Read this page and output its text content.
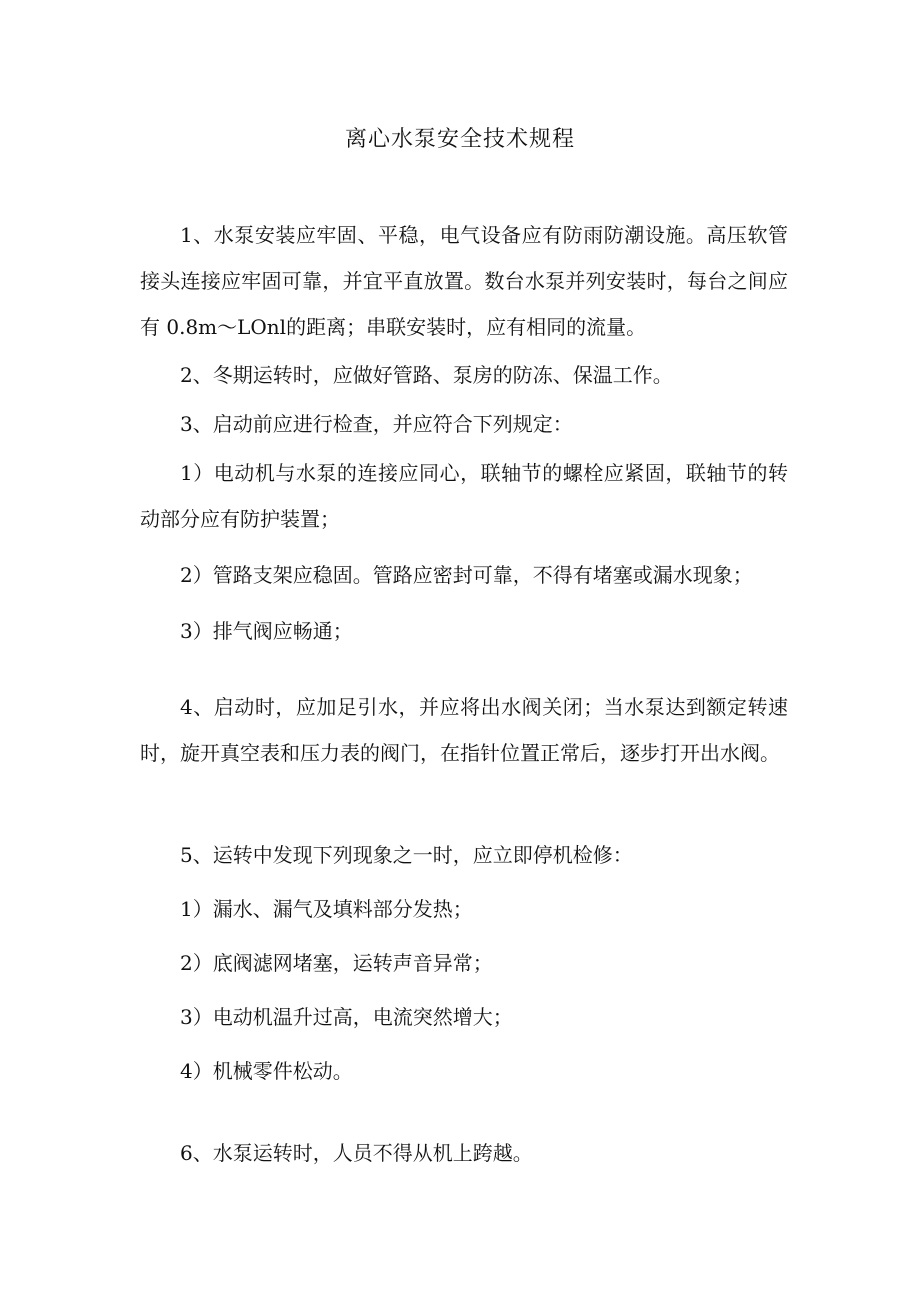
离心水泵安全技术规程

1、水泵安装应牢固、平稳，电气设备应有防雨防潮设施。高压软管接头连接应牢固可靠，并宜平直放置。数台水泵并列安装时，每台之间应有 0.8m～LOnl的距离；串联安装时，应有相同的流量。

2、冬期运转时，应做好管路、泵房的防冻、保温工作。

3、启动前应进行检查，并应符合下列规定：

1）电动机与水泵的连接应同心，联轴节的螺栓应紧固，联轴节的转动部分应有防护装置；

2）管路支架应稳固。管路应密封可靠，不得有堵塞或漏水现象；

3）排气阀应畅通；

4、启动时，应加足引水，并应将出水阀关闭；当水泵达到额定转速时，旋开真空表和压力表的阀门，在指针位置正常后，逐步打开出水阀。

5、运转中发现下列现象之一时，应立即停机检修：

1）漏水、漏气及填料部分发热；

2）底阀滤网堵塞，运转声音异常；

3）电动机温升过高，电流突然增大；

4）机械零件松动。

6、水泵运转时，人员不得从机上跨越。
